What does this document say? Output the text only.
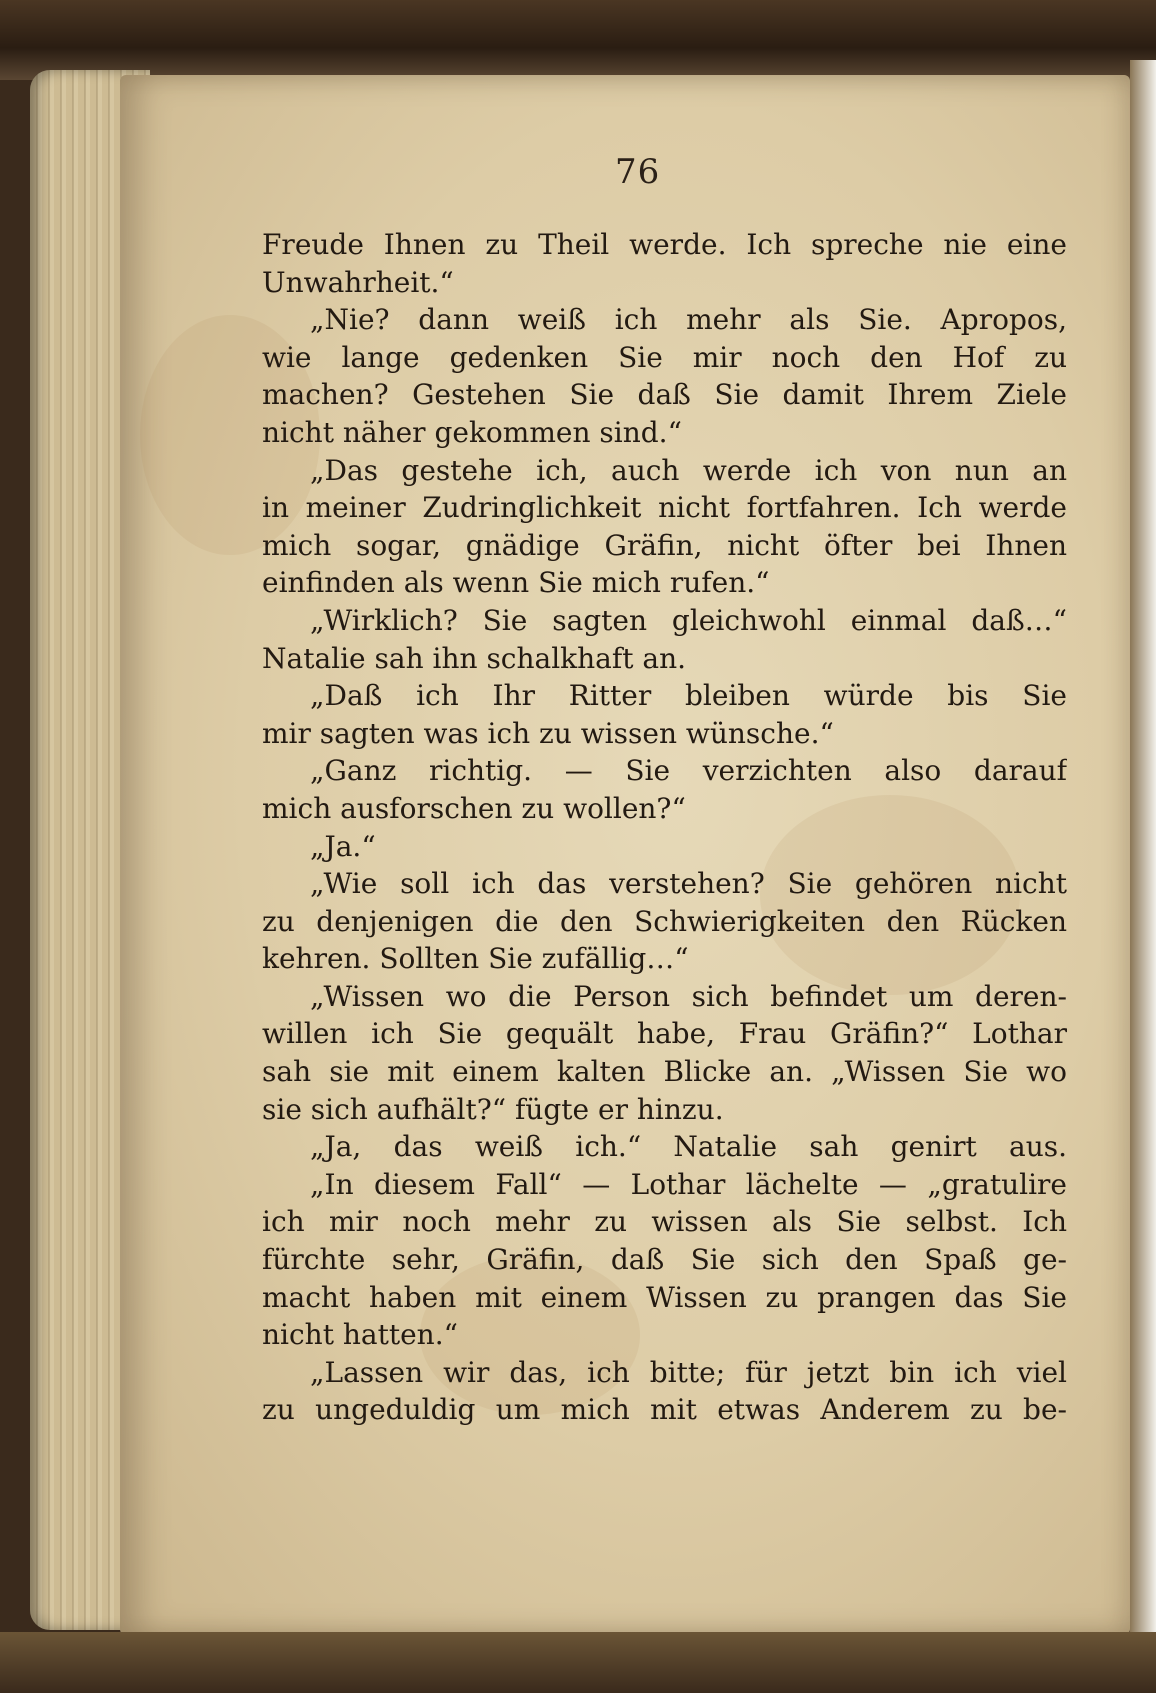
76
Freude Ihnen zu Theil werde. Ich spreche nie eine
Unwahrheit.“
„Nie? dann weiß ich mehr als Sie. Apropos,
wie lange gedenken Sie mir noch den Hof zu
machen? Gestehen Sie daß Sie damit Ihrem Ziele
nicht näher gekommen sind.“
„Das gestehe ich, auch werde ich von nun an
in meiner Zudringlichkeit nicht fortfahren. Ich werde
mich sogar, gnädige Gräfin, nicht öfter bei Ihnen
einfinden als wenn Sie mich rufen.“
„Wirklich? Sie sagten gleichwohl einmal daß…“
Natalie sah ihn schalkhaft an.
„Daß ich Ihr Ritter bleiben würde bis Sie
mir sagten was ich zu wissen wünsche.“
„Ganz richtig. — Sie verzichten also darauf
mich ausforschen zu wollen?“
„Ja.“
„Wie soll ich das verstehen? Sie gehören nicht
zu denjenigen die den Schwierigkeiten den Rücken
kehren. Sollten Sie zufällig…“
„Wissen wo die Person sich befindet um deren-
willen ich Sie gequält habe, Frau Gräfin?“ Lothar
sah sie mit einem kalten Blicke an. „Wissen Sie wo
sie sich aufhält?“ fügte er hinzu.
„Ja, das weiß ich.“ Natalie sah genirt aus.
„In diesem Fall“ — Lothar lächelte — „gratulire
ich mir noch mehr zu wissen als Sie selbst. Ich
fürchte sehr, Gräfin, daß Sie sich den Spaß ge-
macht haben mit einem Wissen zu prangen das Sie
nicht hatten.“
„Lassen wir das, ich bitte; für jetzt bin ich viel
zu ungeduldig um mich mit etwas Anderem zu be-
